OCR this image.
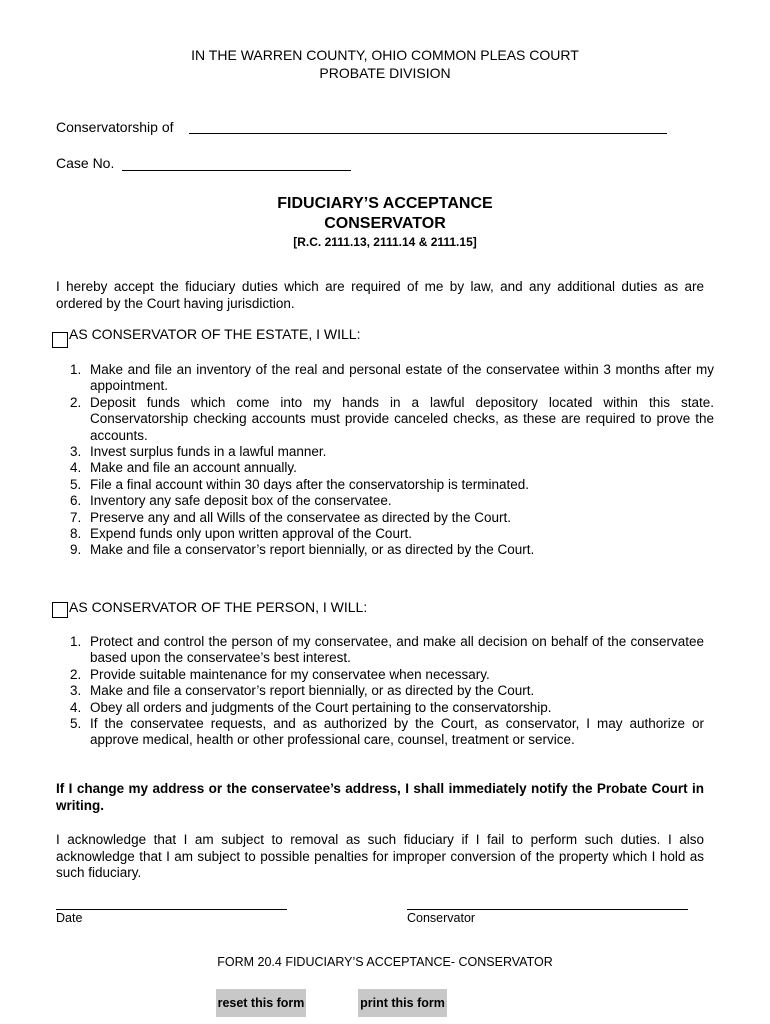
IN THE WARREN COUNTY, OHIO COMMON PLEAS COURT
PROBATE DIVISION
Conservatorship of
Case No.
FIDUCIARY’S ACCEPTANCE
CONSERVATOR
[R.C. 2111.13, 2111.14 & 2111.15]
I hereby accept the fiduciary duties which are required of me by law, and any additional duties as are ordered by the Court having jurisdiction.
AS CONSERVATOR OF THE ESTATE, I WILL:
1. Make and file an inventory of the real and personal estate of the conservatee within 3 months after my appointment.
2. Deposit funds which come into my hands in a lawful depository located within this state. Conservatorship checking accounts must provide canceled checks, as these are required to prove the accounts.
3. Invest surplus funds in a lawful manner.
4. Make and file an account annually.
5. File a final account within 30 days after the conservatorship is terminated.
6. Inventory any safe deposit box of the conservatee.
7. Preserve any and all Wills of the conservatee as directed by the Court.
8. Expend funds only upon written approval of the Court.
9. Make and file a conservator’s report biennially, or as directed by the Court.
AS CONSERVATOR OF THE PERSON, I WILL:
1. Protect and control the person of my conservatee, and make all decision on behalf of the conservatee based upon the conservatee’s best interest.
2. Provide suitable maintenance for my conservatee when necessary.
3. Make and file a conservator’s report biennially, or as directed by the Court.
4. Obey all orders and judgments of the Court pertaining to the conservatorship.
5. If the conservatee requests, and as authorized by the Court, as conservator, I may authorize or approve medical, health or other professional care, counsel, treatment or service.
If I change my address or the conservatee’s address, I shall immediately notify the Probate Court in writing.
I acknowledge that I am subject to removal as such fiduciary if I fail to perform such duties. I also acknowledge that I am subject to possible penalties for improper conversion of the property which I hold as such fiduciary.
Date	Conservator
FORM 20.4 FIDUCIARY’S ACCEPTANCE- CONSERVATOR
reset this form	print this form
